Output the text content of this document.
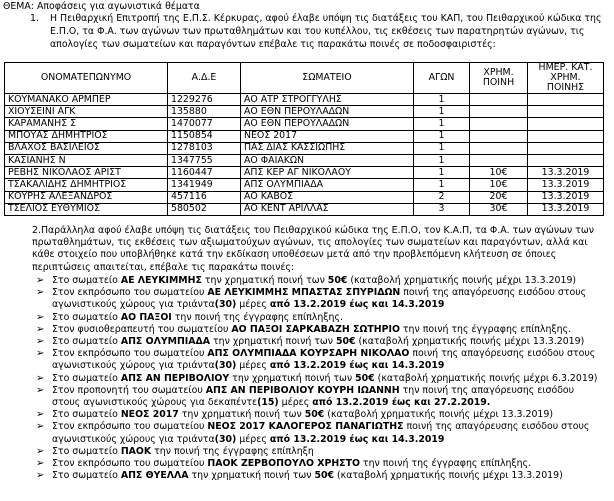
ΘΕΜΑ: Αποφάσεις για αγωνιστικά θέματα
1. Η Πειθαρχική Επιτροπή της Ε.Π.Σ. Κέρκυρας, αφού έλαβε υπόψη τις διατάξεις του ΚΑΠ, του Πειθαρχικού κώδικα της Ε.Π.Ο, τα Φ.Α. των αγώνων των πρωταθλημάτων και του κυπέλλου, τις εκθέσεις των παρατηρητών αγώνων, τις απολογίες των σωματείων και παραγόντων επέβαλε τις παρακάτω ποινές σε ποδοσφαιριστές:
ΟΝΟΜΑΤΕΠΩΝΥΜΟ	Α.Δ.Ε	ΣΩΜΑΤΕΙΟ	ΑΓΩΝ	ΧΡΗΜ. ΠΟΙΝΗ	ΗΜΕΡ. ΚΑΤ. ΧΡΗΜ. ΠΟΙΝΗΣ
ΚΟΥΜΑΝΑΚΟ ΑΡΜΠΕΡ	1229276	ΑΟ ΑΤΡ ΣΤΡΟΓΓΥΛΗΣ	1		
ΧΙΟΥΣΕΙΝΙ ΑΓΚ	135880	ΑΟ ΕΘΝ ΠΕΡΟΥΛΑΔΩΝ	1		
ΚΑΡΑΜΑΝΗΣ Σ	1470077	ΑΟ ΕΘΝ ΠΕΡΟΥΛΑΔΩΝ	1		
ΜΠΟΥΑΣ ΔΗΜΗΤΡΙΟΣ	1150854	ΝΕΟΣ 2017	1		
ΒΛΑΧΟΣ ΒΑΣΙΛΕΙΟΣ	1278103	ΠΑΣ ΔΙΑΣ ΚΑΣΣΙΩΠΗΣ	1		
ΚΑΣΙΑΝΗΣ Ν	1347755	ΑΟ ΦΑΙΑΚΩΝ	1		
ΡΕΒΗΣ ΝΙΚΟΛΑΟΣ ΑΡΙΣΤ	1160447	ΑΠΣ ΚΕΡ ΑΓ ΝΙΚΟΛΑΟΥ	1	10€	13.3.2019
ΤΣΑΚΑΛΙΔΗΣ ΔΗΜΗΤΡΙΟΣ	1341949	ΑΠΣ ΟΛΥΜΠΙΑΔΑ	1	10€	13.3.2019
ΚΟΥΡΗΣ ΑΛΕΞΑΝΔΡΟΣ	457116	ΑΟ ΚΑΒΟΣ	2	20€	13.3.2019
ΤΣΕΛΙΟΣ ΕΥΘΥΜΙΟΣ	580502	ΑΟ ΚΕΝΤ ΑΡΙΛΛΑΣ	3	30€	13.3.2019
2.Παράλληλα αφού έλαβε υπόψη τις διατάξεις του Πειθαρχικού κώδικα της Ε.Π.Ο, τον Κ.Α.Π, τα Φ.Α. των αγώνων των πρωταθλημάτων, τις εκθέσεις των αξιωματούχων αγώνων, τις απολογίες των σωματείων και παραγόντων, αλλά και κάθε στοιχείο που υποβλήθηκε κατά την εκδίκαση υποθέσεων μετά από την προβλεπόμενη κλήτευση σε όποιες περιπτώσεις απαιτείται, επέβαλε τις παρακάτω ποινές:
➢ Στο σωματείο ΑΕ ΛΕΥΚΙΜΜΗΣ την χρηματική ποινή των 50€ (καταβολή χρηματικής ποινής μέχρι 13.3.2019)
➢ Στον εκπρόσωπο του σωματείου ΑΕ ΛΕΥΚΙΜΜΗΣ ΜΠΑΣΤΑΣ ΣΠΥΡΙΔΩΝ ποινή της απαγόρευσης εισόδου στους αγωνιστικούς χώρους για τριάντα(30) μέρες από 13.2.2019 έως και 14.3.2019
➢ Στο σωματείο ΑΟ ΠΑΞΟΙ την ποινή της έγγραφης επίπληξης.
➢ Στον φυσιοθεραπευτή του σωματείου ΑΟ ΠΑΞΟΙ ΣΑΡΚΑΒΑΖΗ ΣΩΤΗΡΙΟ την ποινή της έγγραφης επίπληξης.
➢ Στο σωματείο ΑΠΣ ΟΛΥΜΠΙΑΔΑ την χρηματική ποινή των 50€ (καταβολή χρηματικής ποινής μέχρι 13.3.2019)
➢ Στον εκπρόσωπο του σωματείου ΑΠΣ ΟΛΥΜΠΙΑΔΑ ΚΟΥΡΣΑΡΗ ΝΙΚΟΛΑΟ ποινή της απαγόρευσης εισόδου στους αγωνιστικούς χώρους για τριάντα(30) μέρες από 13.2.2019 έως και 14.3.2019
➢ Στο σωματείο ΑΠΣ ΑΝ ΠΕΡΙΒΟΛΙΟΥ την χρηματική ποινή των 50€ (καταβολή χρηματικής ποινής μέχρι 6.3.2019)
➢ Στον προπονητή του σωματείου ΑΠΣ ΑΝ ΠΕΡΙΒΟΛΙΟΥ ΚΟΥΡΗ ΙΩΑΝΝΗ την ποινή της απαγόρευσης εισόδου στους αγωνιστικούς χώρους για δεκαπέντε(15) μέρες από 13.2.2019 έως και 27.2.2019.
➢ Στο σωματείο ΝΕΟΣ 2017 την χρηματική ποινή των 50€ (καταβολή χρηματικής ποινής μέχρι 13.3.2019)
➢ Στον εκπρόσωπο του σωματείου ΝΕΟΣ 2017 ΚΑΛΟΓΕΡΟΣ ΠΑΝΑΓΙΩΤΗΣ ποινή της απαγόρευσης εισόδου στους αγωνιστικούς χώρους για τριάντα(30) μέρες από 13.2.2019 έως και 14.3.2019
➢ Στο σωματείο ΠΑΟΚ την ποινή της έγγραφης επίπληξη
➢ Στον εκπρόσωπο του σωματείου ΠΑΟΚ ΖΕΡΒΟΠΟΥΛΟ ΧΡΗΣΤΟ την ποινή της έγγραφης επίπληξης.
➢ Στο σωματείο ΑΠΣ ΘΥΕΛΛΑ την χρηματική ποινή των 50€ (καταβολή χρηματικής ποινής μέχρι 13.3.2019)
